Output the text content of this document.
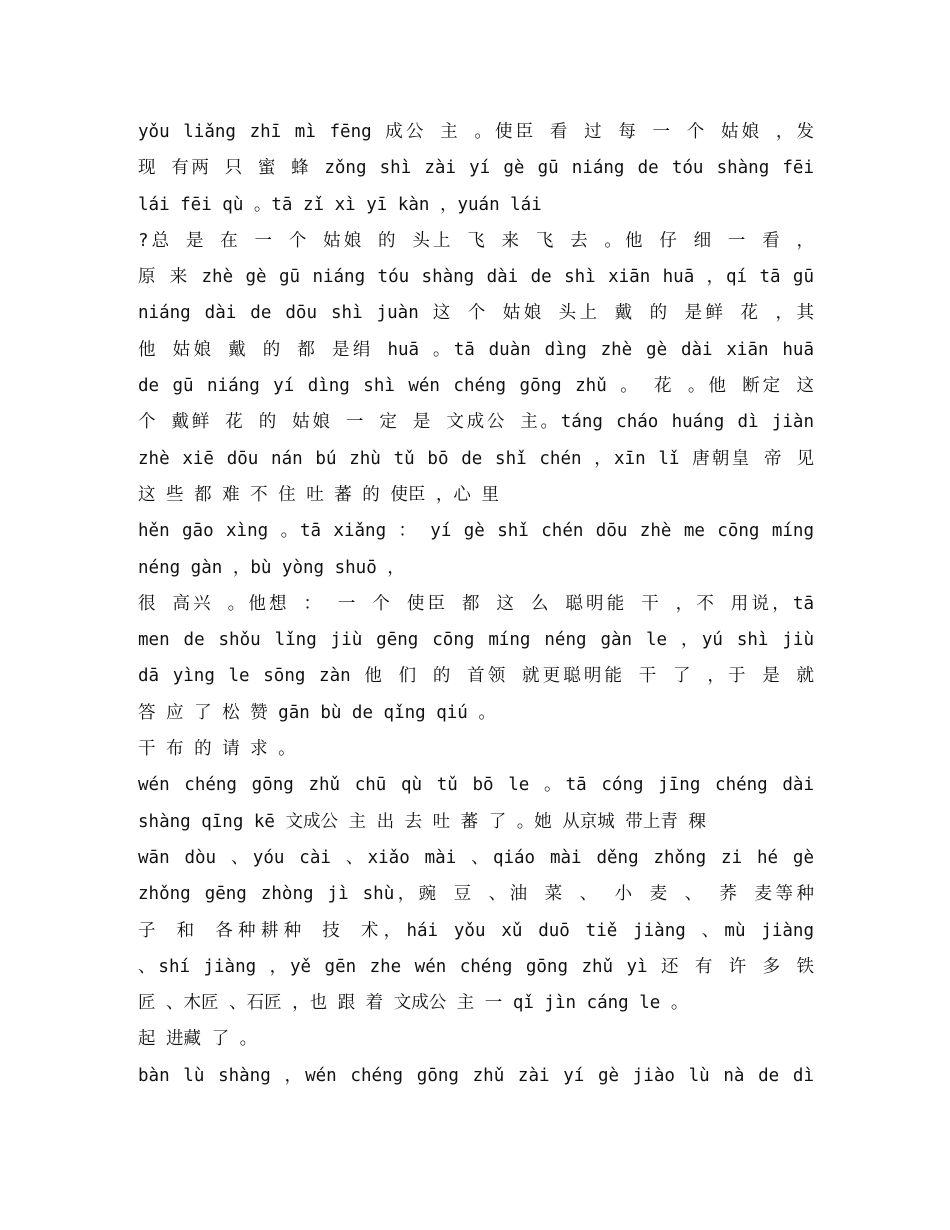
yǒu liǎng zhī mì fēng 成公 主 。使臣 看 过 每 一 个 姑娘 ，发
现 有两 只 蜜 蜂 zǒng shì zài yí gè gū niáng de tóu shàng fēi
lái fēi qù 。tā zǐ xì yī kàn ，yuán lái
?总 是 在 一 个 姑娘 的 头上 飞 来 飞 去 。他 仔 细 一 看 ，
原 来 zhè gè gū niáng tóu shàng dài de shì xiān huā ，qí tā gū
niáng dài de dōu shì juàn 这 个 姑娘 头上 戴 的 是鲜 花 ，其
他 姑娘 戴 的 都 是绢 huā 。tā duàn dìng zhè gè dài xiān huā
de gū niáng yí dìng shì wén chéng gōng zhǔ 。 花 。他 断定 这
个 戴鲜 花 的 姑娘 一 定 是 文成公 主。táng cháo huáng dì jiàn
zhè xiē dōu nán bú zhù tǔ bō de shǐ chén ，xīn lǐ 唐朝皇 帝 见
这 些 都 难 不 住 吐 蕃 的 使臣 ，心 里
hěn gāo xìng 。tā xiǎng ： yí gè shǐ chén dōu zhè me cōng míng
néng gàn ，bù yòng shuō ，
很 高兴 。他想 ： 一 个 使臣 都 这 么 聪明能 干 ，不 用说，tā
men de shǒu lǐng jiù gēng cōng míng néng gàn le ，yú shì jiù
dā yìng le sōng zàn 他 们 的 首领 就更聪明能 干 了 ，于 是 就
答 应 了 松 赞 gān bù de qǐng qiú 。
干 布 的 请 求 。
wén chéng gōng zhǔ chū qù tǔ bō le 。tā cóng jīng chéng dài
shàng qīng kē 文成公 主 出 去 吐 蕃 了 。她 从京城 带上青 稞
wān dòu 、yóu cài 、xiǎo mài 、qiáo mài děng zhǒng zi hé gè
zhǒng gēng zhòng jì shù，豌 豆 、油 菜 、 小 麦 、 荞 麦等种
子 和 各种耕种 技 术，hái yǒu xǔ duō tiě jiàng 、mù jiàng
、shí jiàng ，yě gēn zhe wén chéng gōng zhǔ yì 还 有 许 多 铁
匠 、木匠 、石匠 ，也 跟 着 文成公 主 一 qǐ jìn cáng le 。
起 进藏 了 。
bàn lù shàng ，wén chéng gōng zhǔ zài yí gè jiào lù nà de dì
